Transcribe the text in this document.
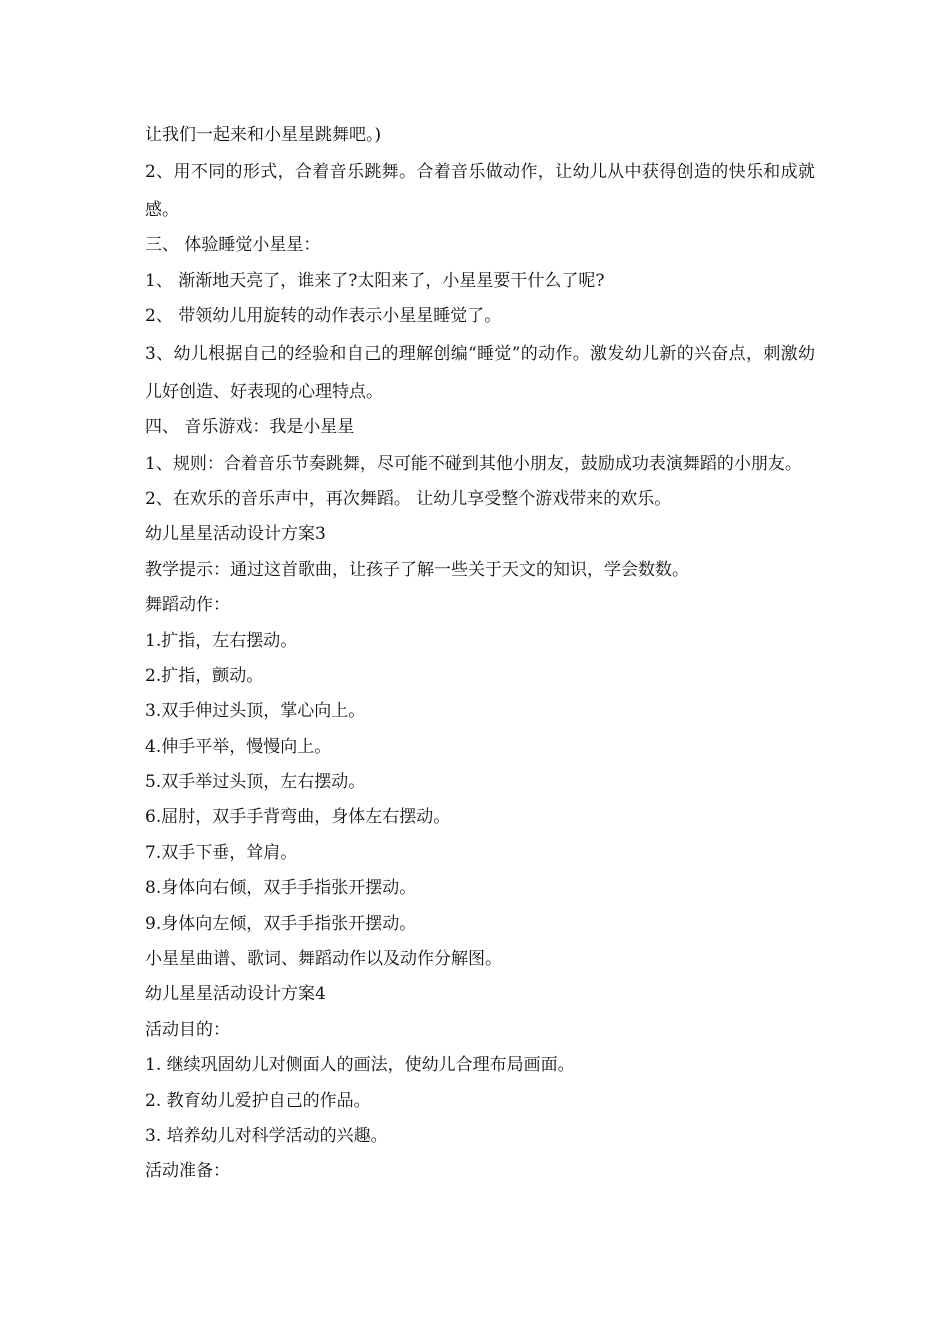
让我们一起来和小星星跳舞吧。)

2、用不同的形式，合着音乐跳舞。合着音乐做动作，让幼儿从中获得创造的快乐和成就感。

三、 体验睡觉小星星：

1、 渐渐地天亮了，谁来了?太阳来了，小星星要干什么了呢?

2、 带领幼儿用旋转的动作表示小星星睡觉了。

3、幼儿根据自己的经验和自己的理解创编“睡觉”的动作。激发幼儿新的兴奋点，刺激幼儿好创造、好表现的心理特点。

四、 音乐游戏：我是小星星

1、规则：合着音乐节奏跳舞，尽可能不碰到其他小朋友，鼓励成功表演舞蹈的小朋友。

2、在欢乐的音乐声中，再次舞蹈。 让幼儿享受整个游戏带来的欢乐。

幼儿星星活动设计方案3

教学提示：通过这首歌曲，让孩子了解一些关于天文的知识，学会数数。

舞蹈动作：

1.扩指，左右摆动。

2.扩指，颤动。

3.双手伸过头顶，掌心向上。

4.伸手平举，慢慢向上。

5.双手举过头顶，左右摆动。

6.屈肘，双手手背弯曲，身体左右摆动。

7.双手下垂，耸肩。

8.身体向右倾，双手手指张开摆动。

9.身体向左倾，双手手指张开摆动。

小星星曲谱、歌词、舞蹈动作以及动作分解图。

幼儿星星活动设计方案4

活动目的：

1. 继续巩固幼儿对侧面人的画法，使幼儿合理布局画面。

2. 教育幼儿爱护自己的作品。

3. 培养幼儿对科学活动的兴趣。

活动准备：
